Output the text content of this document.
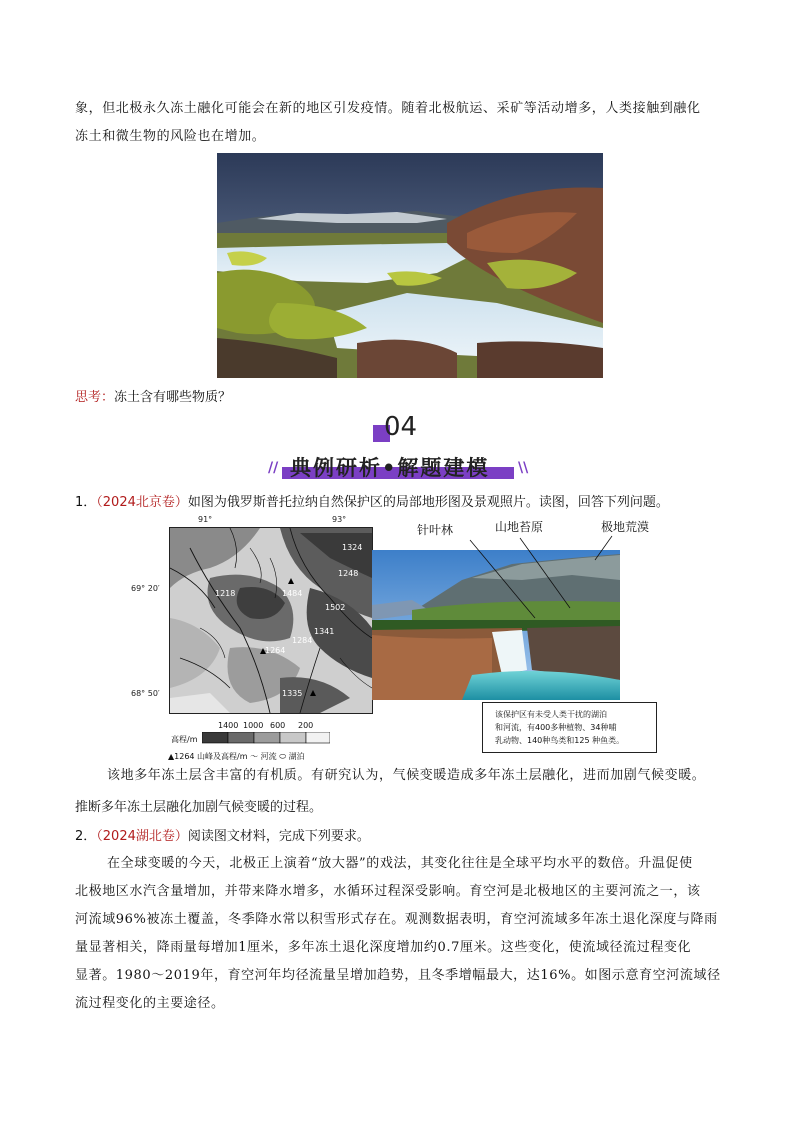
象，但北极永久冻土融化可能会在新的地区引发疫情。随着北极航运、采矿等活动增多，人类接触到融化
冻土和微生物的风险也在增加。
思考：冻土含有哪些物质？
04
// 典例研析•解题建模 \\
1．（2024北京卷）如图为俄罗斯普托拉纳自然保护区的局部地形图及景观照片。读图，回答下列问题。
91°	93°
69° 20′
68° 50′
1324
1248
1218	1484
1502
1341
1284
1264
1335
1400 1000 600 200
高程/m
▲1264 山峰及高程/m 〜 河流 ⬭ 湖泊
针叶林	山地苔原	极地荒漠
该保护区有未受人类干扰的湖泊
和河流，有400多种植物、34种哺
乳动物、140种鸟类和125 种鱼类。
该地多年冻土层含丰富的有机质。有研究认为，气候变暖造成多年冻土层融化，进而加剧气候变暖。
推断多年冻土层融化加剧气候变暖的过程。
2．（2024湖北卷）阅读图文材料，完成下列要求。
在全球变暖的今天，北极正上演着“放大器”的戏法，其变化往往是全球平均水平的数倍。升温促使
北极地区水汽含量增加，并带来降水增多，水循环过程深受影响。育空河是北极地区的主要河流之一，该
河流域96%被冻土覆盖，冬季降水常以积雪形式存在。观测数据表明，育空河流域多年冻土退化深度与降雨
量显著相关，降雨量每增加1厘米，多年冻土退化深度增加约0.7厘米。这些变化，使流域径流过程变化
显著。1980～2019年，育空河年均径流量呈增加趋势，且冬季增幅最大，达16%。如图示意育空河流域径
流过程变化的主要途径。
